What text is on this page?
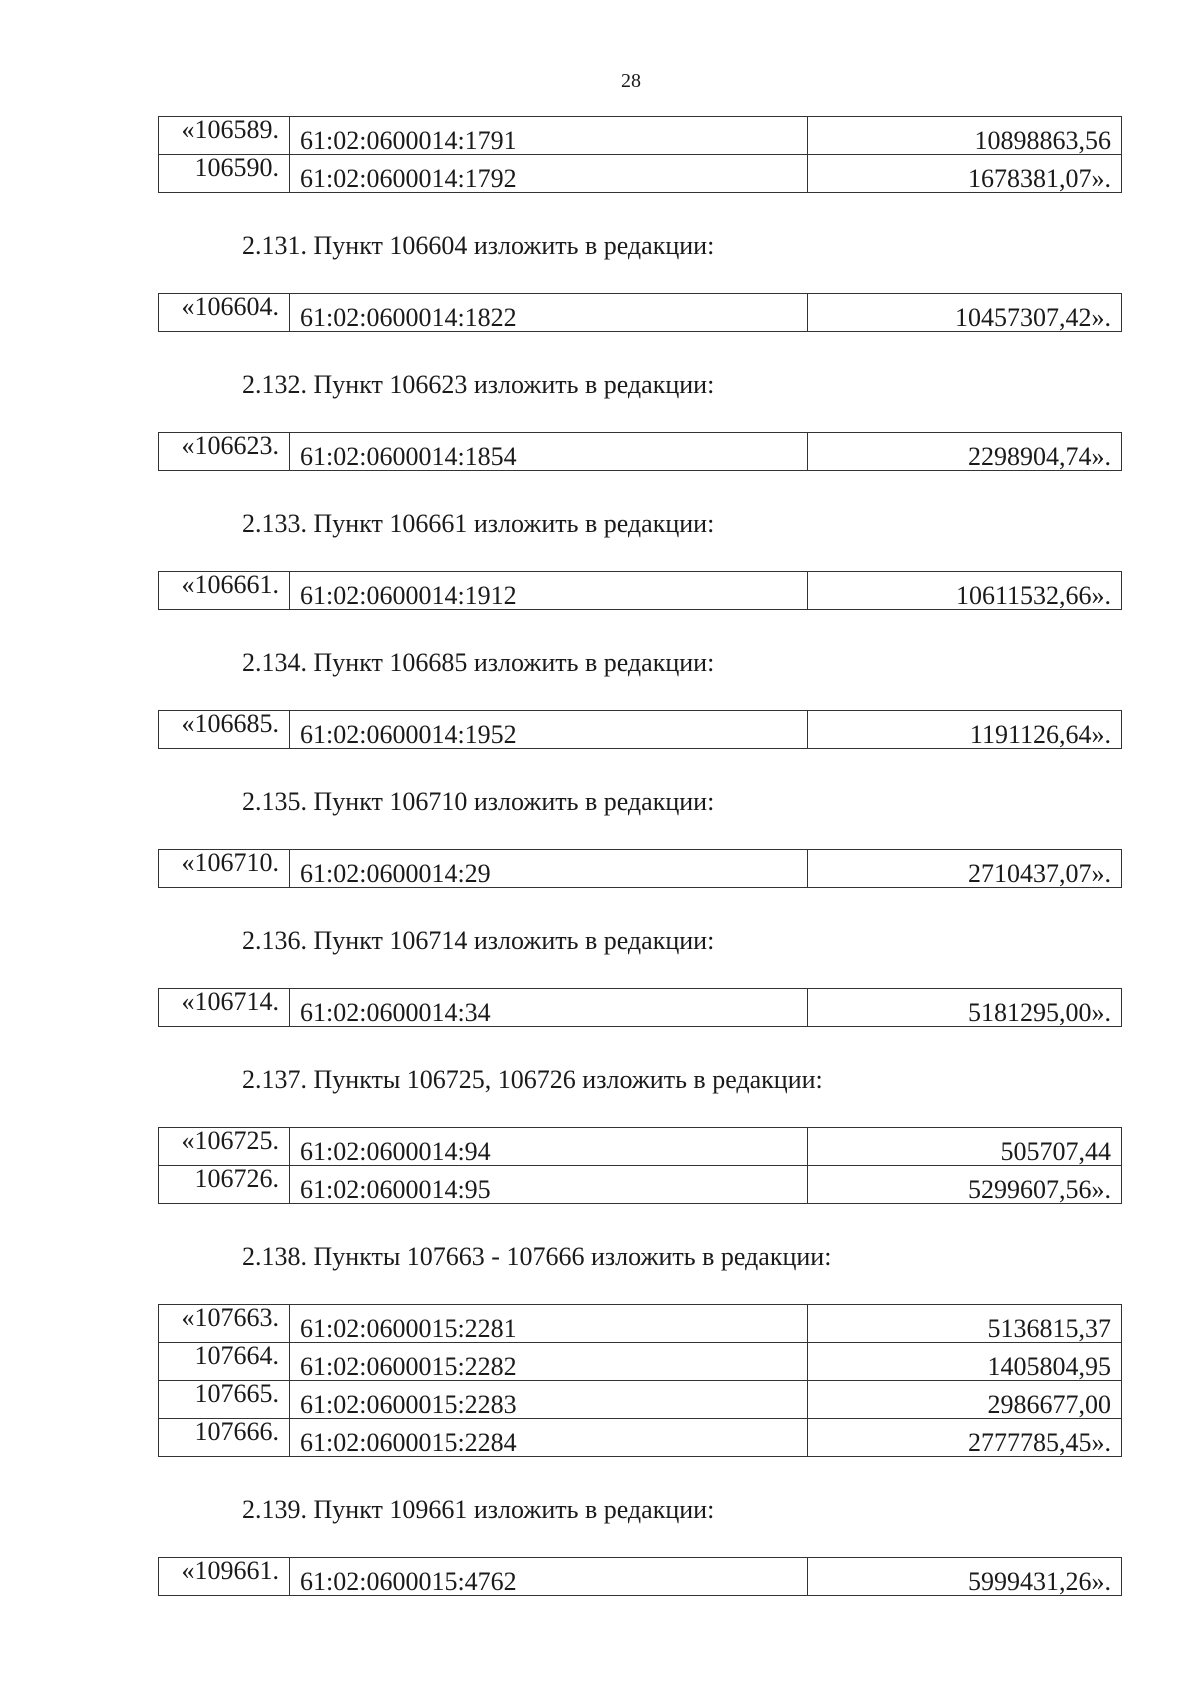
28
«106589.	61:02:0600014:1791	10898863,56
106590.	61:02:0600014:1792	1678381,07».

2.131. Пункт 106604 изложить в редакции:

«106604.	61:02:0600014:1822	10457307,42».

2.132. Пункт 106623 изложить в редакции:

«106623.	61:02:0600014:1854	2298904,74».

2.133. Пункт 106661 изложить в редакции:

«106661.	61:02:0600014:1912	10611532,66».

2.134. Пункт 106685 изложить в редакции:

«106685.	61:02:0600014:1952	1191126,64».

2.135. Пункт 106710 изложить в редакции:

«106710.	61:02:0600014:29	2710437,07».

2.136. Пункт 106714 изложить в редакции:

«106714.	61:02:0600014:34	5181295,00».

2.137. Пункты 106725, 106726 изложить в редакции:

«106725.	61:02:0600014:94	505707,44
106726.	61:02:0600014:95	5299607,56».

2.138. Пункты 107663 - 107666 изложить в редакции:

«107663.	61:02:0600015:2281	5136815,37
107664.	61:02:0600015:2282	1405804,95
107665.	61:02:0600015:2283	2986677,00
107666.	61:02:0600015:2284	2777785,45».

2.139. Пункт 109661 изложить в редакции:

«109661.	61:02:0600015:4762	5999431,26».
